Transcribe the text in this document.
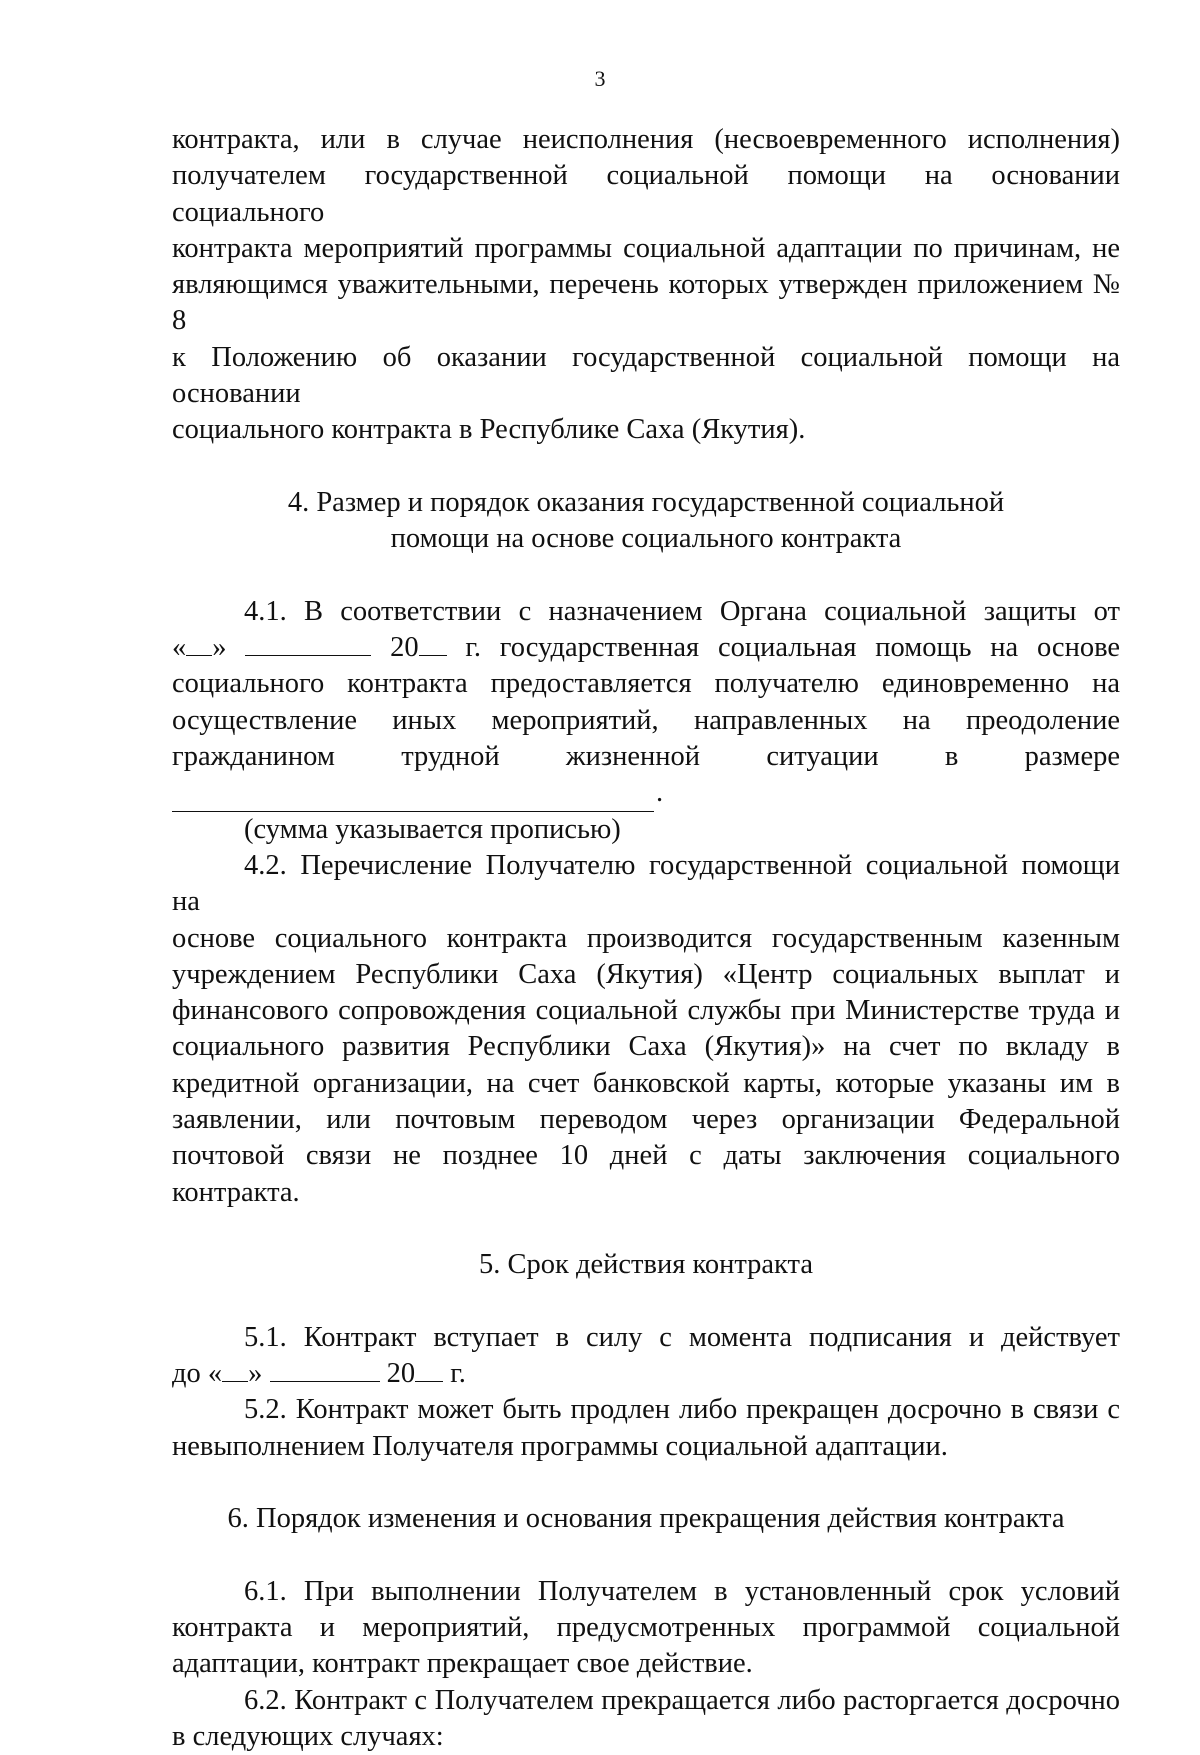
3

контракта, или в случае неисполнения (несвоевременного исполнения)

получателем государственной социальной помощи на основании социального

контракта мероприятий программы социальной адаптации по причинам, не

являющимся уважительными, перечень которых утвержден приложением № 8

к Положению об оказании государственной социальной помощи на основании

социального контракта в Республике Саха (Якутия).

4. Размер и порядок оказания государственной социальной

помощи на основе социального контракта

4.1. В соответствии с назначением Органа социальной защиты от

« »	20 г. государственная социальная помощь на основе

социального контракта предоставляется получателю единовременно на

осуществление иных мероприятий, направленных на преодоление

гражданином трудной жизненной ситуации в размере

.

(сумма указывается прописью)

4.2. Перечисление Получателю государственной социальной помощи на

основе социального контракта производится государственным казенным

учреждением Республики Саха (Якутия) «Центр социальных выплат и

финансового сопровождения социальной службы при Министерстве труда и

социального развития Республики Саха (Якутия)» на счет по вкладу в

кредитной организации, на счет банковской карты, которые указаны им в

заявлении, или почтовым переводом через организации Федеральной

почтовой связи не позднее 10 дней с даты заключения социального контракта.

5. Срок действия контракта

5.1. Контракт вступает в силу с момента подписания и действует

до « »	20 г.

5.2. Контракт может быть продлен либо прекращен досрочно в связи с

невыполнением Получателя программы социальной адаптации.

6. Порядок изменения и основания прекращения действия контракта

6.1. При выполнении Получателем в установленный срок условий

контракта и мероприятий, предусмотренных программой социальной

адаптации, контракт прекращает свое действие.

6.2. Контракт с Получателем прекращается либо расторгается досрочно

в следующих случаях:
